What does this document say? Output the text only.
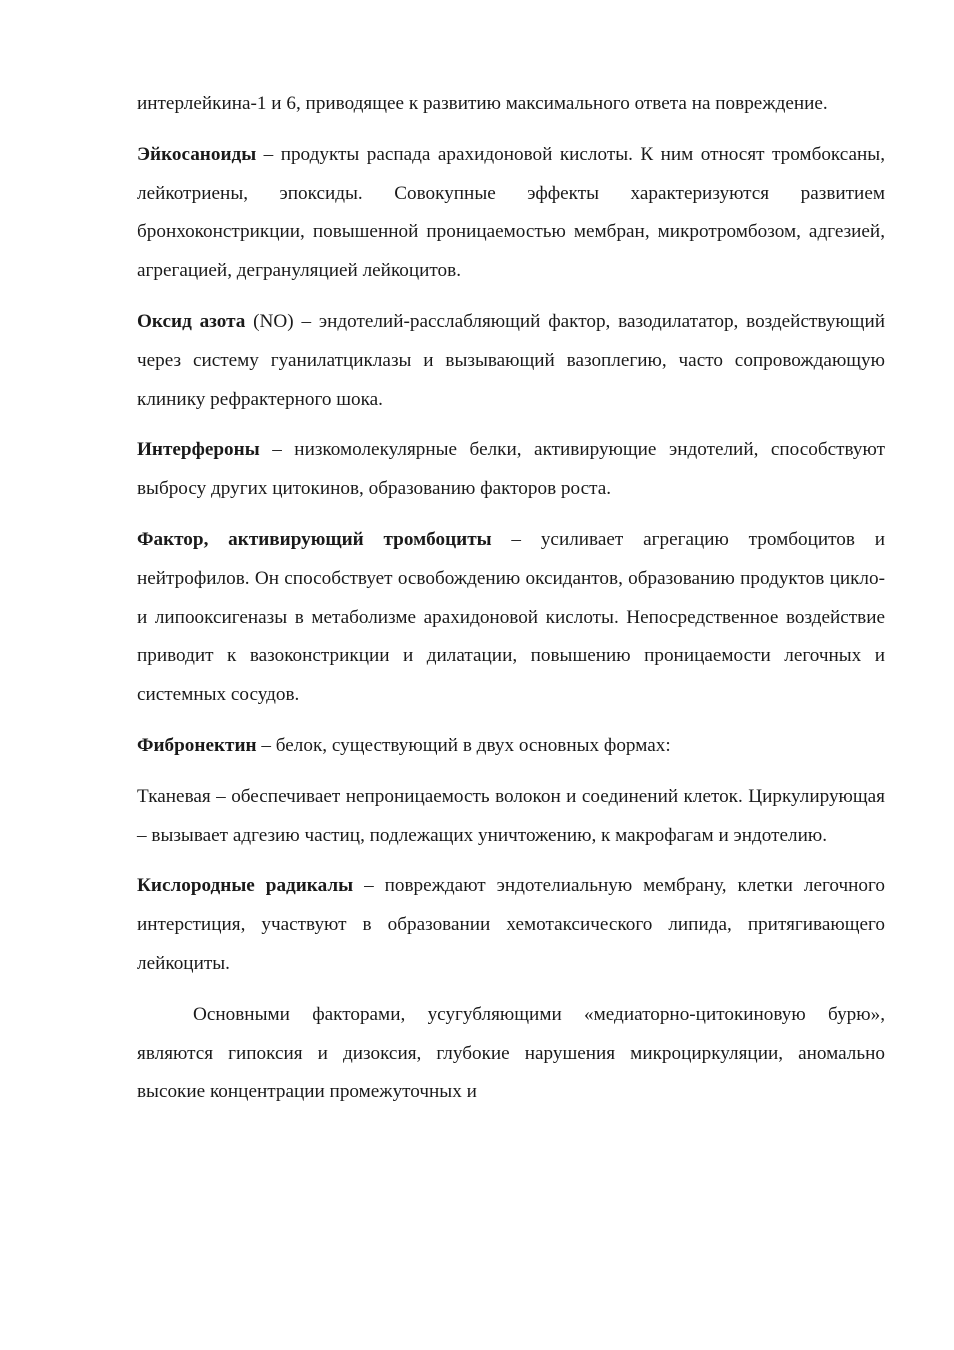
интерлейкина-1 и 6, приводящее к развитию максимального ответа на повреждение.

Эйкосаноиды – продукты распада арахидоновой кислоты. К ним относят тромбоксаны, лейкотриены, эпоксиды. Совокупные эффекты характеризуются развитием бронхоконстрикции, повышенной проницаемостью мембран, микротромбозом, адгезией, агрегацией, дегрануляцией лейкоцитов.

Оксид азота (NO) – эндотелий-расслабляющий фактор, вазодилататор, воздействующий через систему гуанилатциклазы и вызывающий вазоплегию, часто сопровождающую клинику рефрактерного шока.

Интерфероны – низкомолекулярные белки, активирующие эндотелий, способствуют выбросу других цитокинов, образованию факторов роста.

Фактор, активирующий тромбоциты – усиливает агрегацию тромбоцитов и нейтрофилов. Он способствует освобождению оксидантов, образованию продуктов цикло- и липооксигеназы в метаболизме арахидоновой кислоты. Непосредственное воздействие приводит к вазоконстрикции и дилатации, повышению проницаемости легочных и системных сосудов.

Фибронектин – белок, существующий в двух основных формах:

Тканевая – обеспечивает непроницаемость волокон и соединений клеток. Циркулирующая – вызывает адгезию частиц, подлежащих уничтожению, к макрофагам и эндотелию.

Кислородные радикалы – повреждают эндотелиальную мембрану, клетки легочного интерстиция, участвуют в образовании хемотаксического липида, притягивающего лейкоциты.

Основными факторами, усугубляющими «медиаторно-цитокиновую бурю», являются гипоксия и дизоксия, глубокие нарушения микроциркуляции, аномально высокие концентрации промежуточных и
